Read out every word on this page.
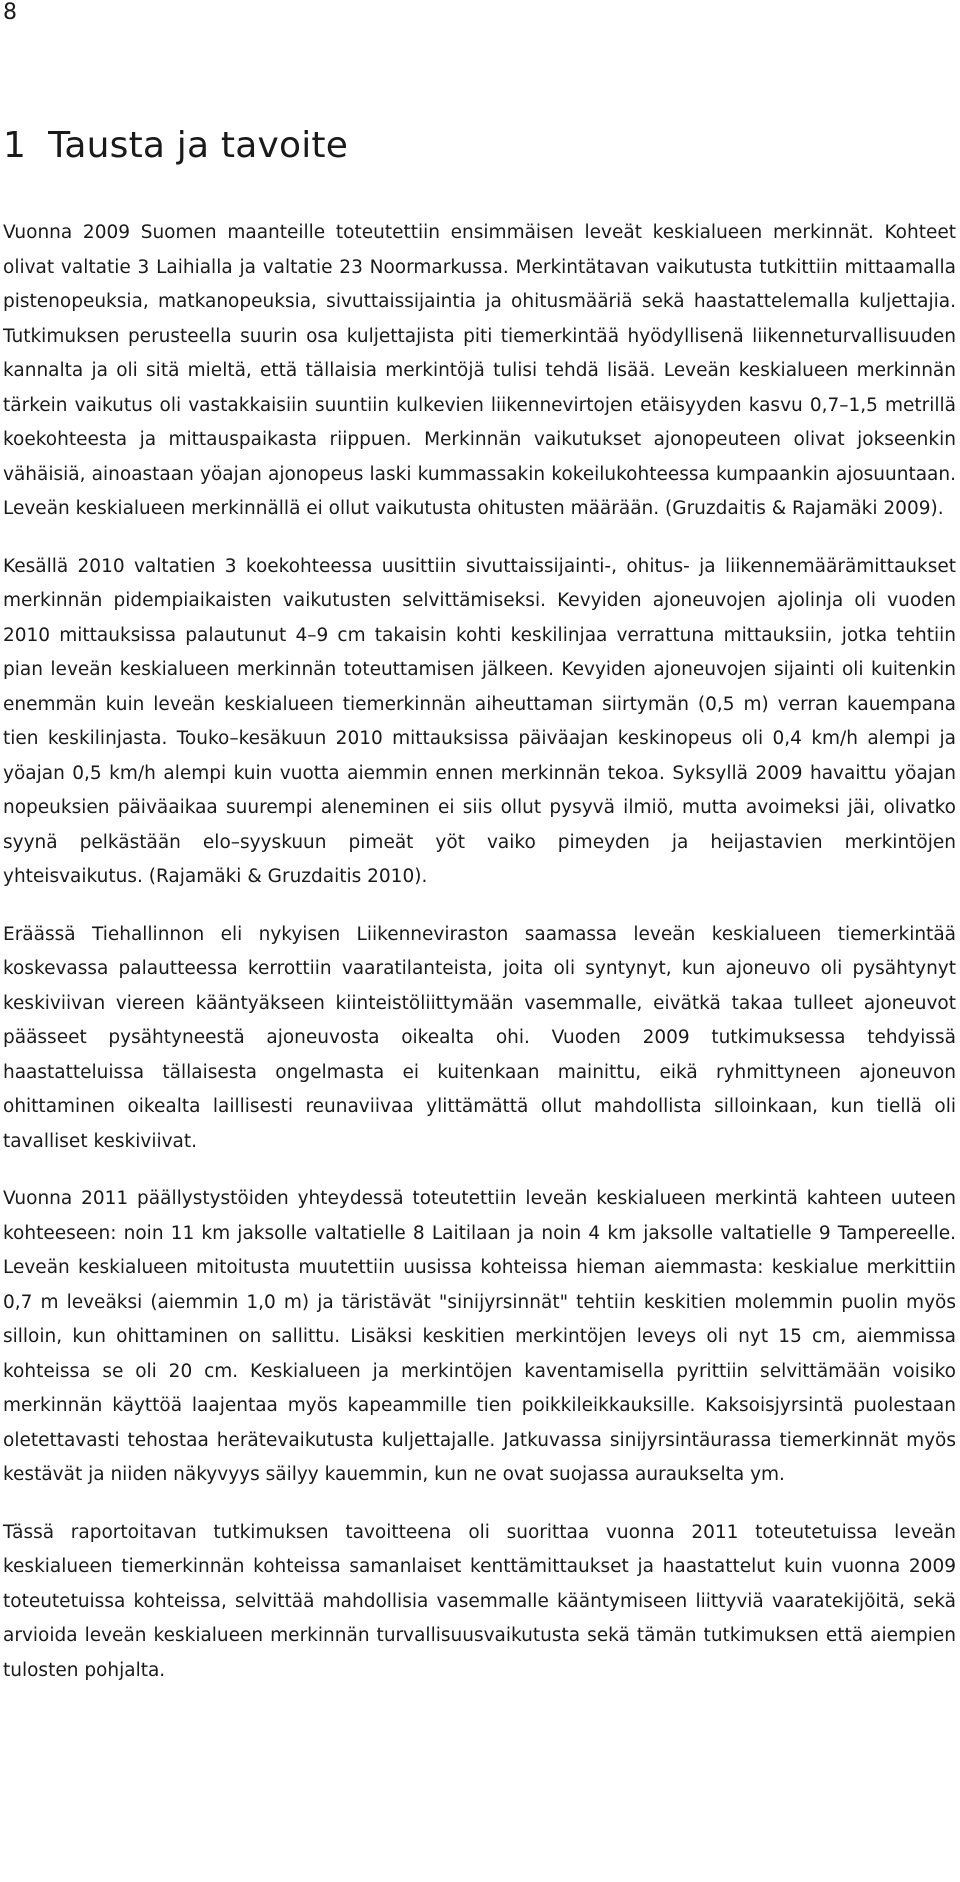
8
1 Tausta ja tavoite

Vuonna 2009 Suomen maanteille toteutettiin ensimmäisen leveät keskialueen merkinnät. Kohteet olivat valtatie 3 Laihialla ja valtatie 23 Noormarkussa. Merkintätavan vaikutusta tutkittiin mittaamalla pistenopeuksia, matkanopeuksia, sivuttaissijaintia ja ohitusmääriä sekä haastattelemalla kuljettajia. Tutkimuksen perusteella suurin osa kuljettajista piti tiemerkintää hyödyllisenä liikenneturvallisuuden kannalta ja oli sitä mieltä, että tällaisia merkintöjä tulisi tehdä lisää. Leveän keskialueen merkinnän tärkein vaikutus oli vastakkaisiin suuntiin kulkevien liikennevirtojen etäisyyden kasvu 0,7–1,5 metrillä koekohteesta ja mittauspaikasta riippuen. Merkinnän vaikutukset ajonopeuteen olivat jokseenkin vähäisiä, ainoastaan yöajan ajonopeus laski kummassakin kokeilukohteessa kumpaankin ajosuuntaan. Leveän keskialueen merkinnällä ei ollut vaikutusta ohitusten määrään. (Gruzdaitis & Rajamäki 2009).

Kesällä 2010 valtatien 3 koekohteessa uusittiin sivuttaissijainti-, ohitus- ja liikennemäärämittaukset merkinnän pidempiaikaisten vaikutusten selvittämiseksi. Kevyiden ajoneuvojen ajolinja oli vuoden 2010 mittauksissa palautunut 4–9 cm takaisin kohti keskilinjaa verrattuna mittauksiin, jotka tehtiin pian leveän keskialueen merkinnän toteuttamisen jälkeen. Kevyiden ajoneuvojen sijainti oli kuitenkin enemmän kuin leveän keskialueen tiemerkinnän aiheuttaman siirtymän (0,5 m) verran kauempana tien keskilinjasta. Touko–kesäkuun 2010 mittauksissa päiväajan keskinopeus oli 0,4 km/h alempi ja yöajan 0,5 km/h alempi kuin vuotta aiemmin ennen merkinnän tekoa. Syksyllä 2009 havaittu yöajan nopeuksien päiväaikaa suurempi aleneminen ei siis ollut pysyvä ilmiö, mutta avoimeksi jäi, olivatko syynä pelkästään elo–syyskuun pimeät yöt vaiko pimeyden ja heijastavien merkintöjen yhteisvaikutus. (Rajamäki & Gruzdaitis 2010).

Eräässä Tiehallinnon eli nykyisen Liikenneviraston saamassa leveän keskialueen tiemerkintää koskevassa palautteessa kerrottiin vaaratilanteista, joita oli syntynyt, kun ajoneuvo oli pysähtynyt keskiviivan viereen kääntyäkseen kiinteistöliittymään vasemmalle, eivätkä takaa tulleet ajoneuvot päässeet pysähtyneestä ajoneuvosta oikealta ohi. Vuoden 2009 tutkimuksessa tehdyissä haastatteluissa tällaisesta ongelmasta ei kuitenkaan mainittu, eikä ryhmittyneen ajoneuvon ohittaminen oikealta laillisesti reunaviivaa ylittämättä ollut mahdollista silloinkaan, kun tiellä oli tavalliset keskiviivat.

Vuonna 2011 päällystystöiden yhteydessä toteutettiin leveän keskialueen merkintä kahteen uuteen kohteeseen: noin 11 km jaksolle valtatielle 8 Laitilaan ja noin 4 km jaksolle valtatielle 9 Tampereelle. Leveän keskialueen mitoitusta muutettiin uusissa kohteissa hieman aiemmasta: keskialue merkittiin 0,7 m leveäksi (aiemmin 1,0 m) ja täristävät "sinijyrsinnät" tehtiin keskitien molemmin puolin myös silloin, kun ohittaminen on sallittu. Lisäksi keskitien merkintöjen leveys oli nyt 15 cm, aiemmissa kohteissa se oli 20 cm. Keskialueen ja merkintöjen kaventamisella pyrittiin selvittämään voisiko merkinnän käyttöä laajentaa myös kapeammille tien poikkileikkauksille. Kaksoisjyrsintä puolestaan oletettavasti tehostaa herätevaikutusta kuljettajalle. Jatkuvassa sinijyrsintäurassa tiemerkinnät myös kestävät ja niiden näkyvyys säilyy kauemmin, kun ne ovat suojassa auraukselta ym.

Tässä raportoitavan tutkimuksen tavoitteena oli suorittaa vuonna 2011 toteutetuissa leveän keskialueen tiemerkinnän kohteissa samanlaiset kenttämittaukset ja haastattelut kuin vuonna 2009 toteutetuissa kohteissa, selvittää mahdollisia vasemmalle kääntymiseen liittyviä vaaratekijöitä, sekä arvioida leveän keskialueen merkinnän turvallisuusvaikutusta sekä tämän tutkimuksen että aiempien tulosten pohjalta.
